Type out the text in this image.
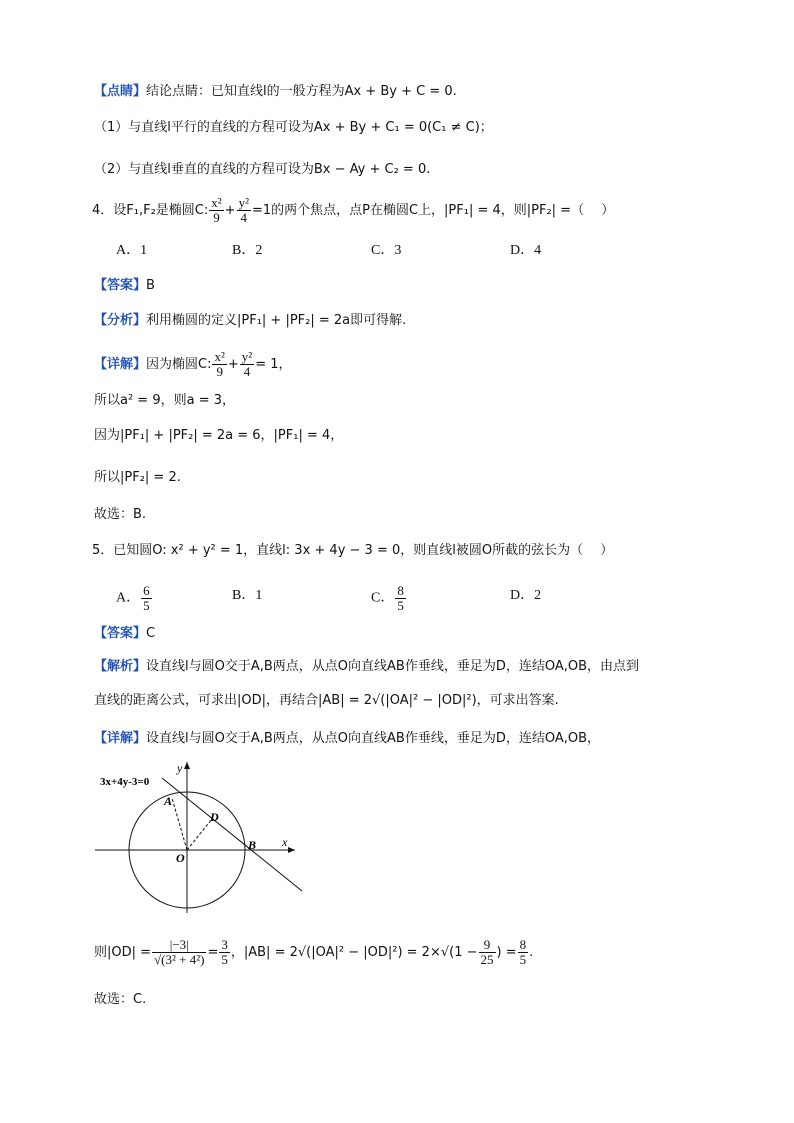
【点睛】结论点睛：已知直线l的一般方程为Ax + By + C = 0.
（1）与直线l平行的直线的方程可设为Ax + By + C₁ = 0(C₁ ≠ C)；
（2）与直线l垂直的直线的方程可设为Bx − Ay + C₂ = 0.
4．设F₁,F₂是椭圆C: $\frac{\text{x²}}{9} + \frac{\text{y²}}{4} =1$的两个焦点，点P在椭圆C上，|PF₁| = 4，则|PF₂| =（　 ）
A．1	B．2	C．3	D．4
【答案】B
【分析】利用椭圆的定义|PF₁| + |PF₂| = 2a即可得解.
【详解】因为椭圆C: $\frac{\text{x²}}{9} + \frac{\text{y²}}{4} = 1$，
所以a² = 9，则a = 3，
因为|PF₁| + |PF₂| = 2a = 6，|PF₁| = 4，
所以|PF₂| = 2.
故选：B.
5．已知圆O: x² + y² = 1，直线l: 3x + 4y − 3 = 0，则直线l被圆O所截的弦长为（　 ）
A． $\frac{6}{5}$	B．1	C． $\frac{8}{5}$	D．2
【答案】C
【解析】设直线l与圆O交于A,B两点，从点O向直线AB作垂线，垂足为D，连结OA,OB，由点到
直线的距离公式，可求出|OD|，再结合|AB| = 2√(|OA|² − |OD|²)，可求出答案.
【详解】设直线l与圆O交于A,B两点，从点O向直线AB作垂线，垂足为D，连结OA,OB，
3x+4y-3=0
y
x
A
B
D
O
则$|OD| = \frac{|-3|}{\text{√(3² + 4²)}} = \frac{3}{5}$ ，$|AB| = 2√(|OA|^2 - |OD|^2) = 2\times√(1 - \frac{9}{25}$ ) = $\frac{8}{5}$ .
故选：C.
